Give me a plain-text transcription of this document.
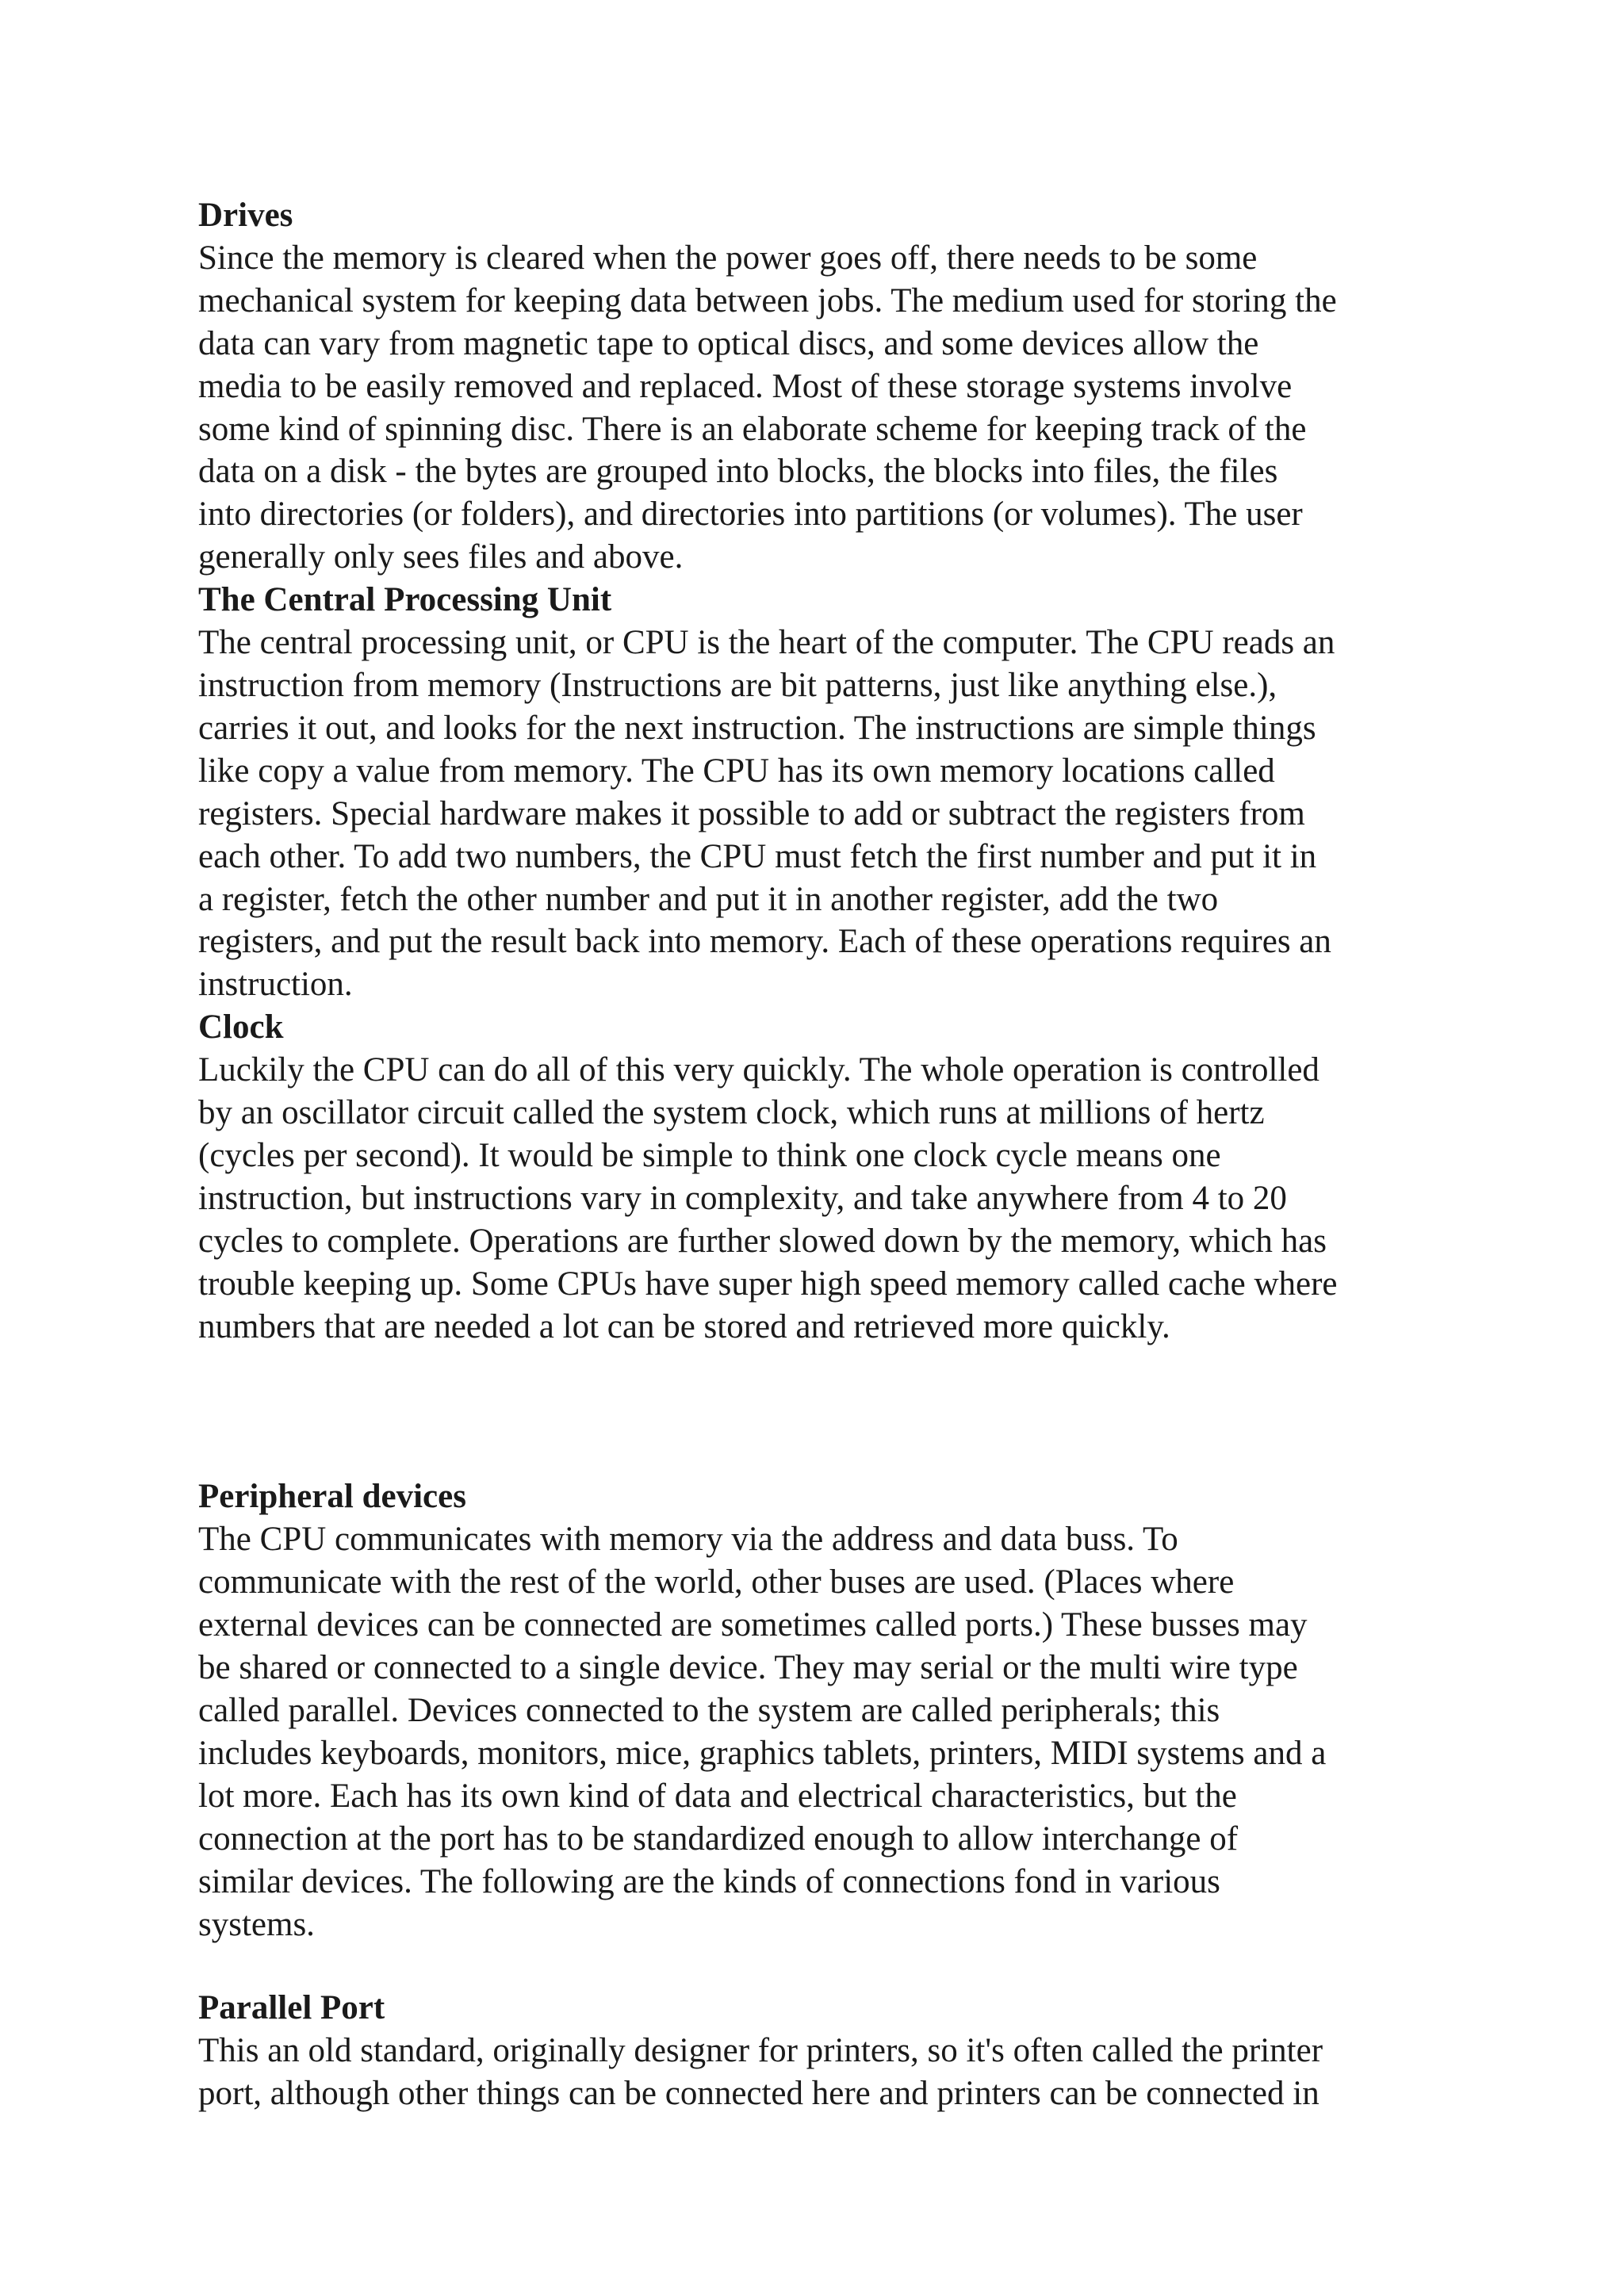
Drives

Since the memory is cleared when the power goes off, there needs to be some

mechanical system for keeping data between jobs. The medium used for storing the

data can vary from magnetic tape to optical discs, and some devices allow the

media to be easily removed and replaced. Most of these storage systems involve

some kind of spinning disc. There is an elaborate scheme for keeping track of the

data on a disk - the bytes are grouped into blocks, the blocks into files, the files

into directories (or folders), and directories into partitions (or volumes). The user

generally only sees files and above.

The Central Processing Unit

The central processing unit, or CPU is the heart of the computer. The CPU reads an

instruction from memory (Instructions are bit patterns, just like anything else.),

carries it out, and looks for the next instruction. The instructions are simple things

like copy a value from memory. The CPU has its own memory locations called

registers. Special hardware makes it possible to add or subtract the registers from

each other. To add two numbers, the CPU must fetch the first number and put it in

a register, fetch the other number and put it in another register, add the two

registers, and put the result back into memory. Each of these operations requires an

instruction.

Clock

Luckily the CPU can do all of this very quickly. The whole operation is controlled

by an oscillator circuit called the system clock, which runs at millions of hertz

(cycles per second). It would be simple to think one clock cycle means one

instruction, but instructions vary in complexity, and take anywhere from 4 to 20

cycles to complete. Operations are further slowed down by the memory, which has

trouble keeping up. Some CPUs have super high speed memory called cache where

numbers that are needed a lot can be stored and retrieved more quickly.

Peripheral devices

The CPU communicates with memory via the address and data buss. To

communicate with the rest of the world, other buses are used. (Places where

external devices can be connected are sometimes called ports.) These busses may

be shared or connected to a single device. They may serial or the multi wire type

called parallel. Devices connected to the system are called peripherals; this

includes keyboards, monitors, mice, graphics tablets, printers, MIDI systems and a

lot more. Each has its own kind of data and electrical characteristics, but the

connection at the port has to be standardized enough to allow interchange of

similar devices. The following are the kinds of connections fond in various

systems.

Parallel Port

This an old standard, originally designer for printers, so it's often called the printer

port, although other things can be connected here and printers can be connected in
